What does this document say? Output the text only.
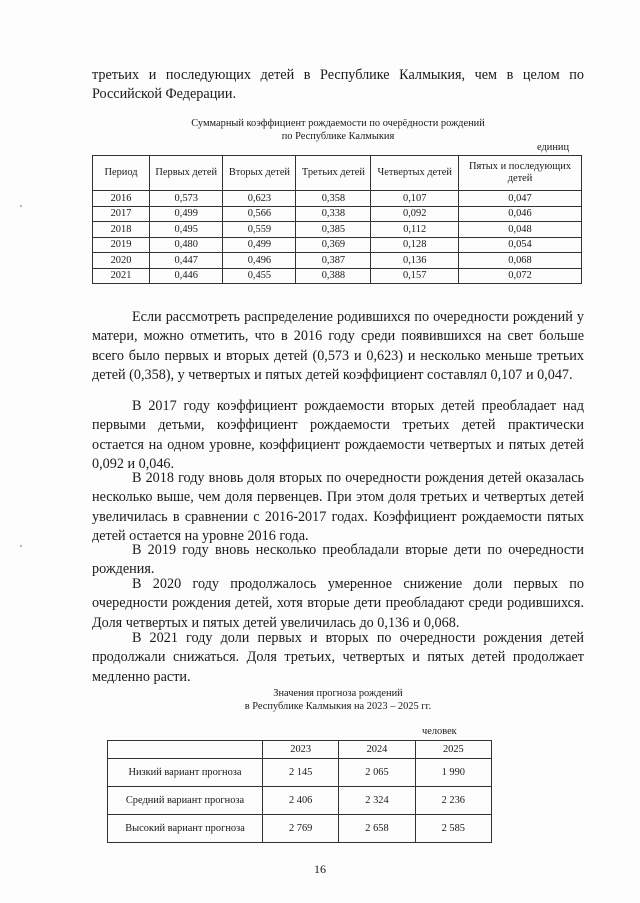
третьих и последующих детей в Республике Калмыкия, чем в целом по Российской Федерации.

Суммарный коэффициент рождаемости по очерёдности рождений
по Республике Калмыкия
единиц
Период	Первых детей	Вторых детей	Третьих детей	Четвертых детей	Пятых и последующих детей
2016	0,573	0,623	0,358	0,107	0,047
2017	0,499	0,566	0,338	0,092	0,046
2018	0,495	0,559	0,385	0,112	0,048
2019	0,480	0,499	0,369	0,128	0,054
2020	0,447	0,496	0,387	0,136	0,068
2021	0,446	0,455	0,388	0,157	0,072

Если рассмотреть распределение родившихся по очередности рождений у матери, можно отметить, что в 2016 году среди появившихся на свет больше всего было первых и вторых детей (0,573 и 0,623) и несколько меньше третьих детей (0,358), у четвертых и пятых детей коэффициент составлял 0,107 и 0,047.

В 2017 году коэффициент рождаемости вторых детей преобладает над первыми детьми, коэффициент рождаемости третьих детей практически остается на одном уровне, коэффициент рождаемости четвертых и пятых детей 0,092 и 0,046.

В 2018 году вновь доля вторых по очередности рождения детей оказалась несколько выше, чем доля первенцев. При этом доля третьих и четвертых детей увеличилась в сравнении с 2016-2017 годах. Коэффициент рождаемости пятых детей остается на уровне 2016 года.

В 2019 году вновь несколько преобладали вторые дети по очередности рождения.

В 2020 году продолжалось умеренное снижение доли первых по очередности рождения детей, хотя вторые дети преобладают среди родившихся. Доля четвертых и пятых детей увеличилась до 0,136 и 0,068.

В 2021 году доли первых и вторых по очередности рождения детей продолжали снижаться. Доля третьих, четвертых и пятых детей продолжает медленно расти.

Значения прогноза рождений
в Республике Калмыкия на 2023 – 2025 гг.
человек
	2023	2024	2025
Низкий вариант прогноза	2 145	2 065	1 990
Средний вариант прогноза	2 406	2 324	2 236
Высокий вариант прогноза	2 769	2 658	2 585
16
